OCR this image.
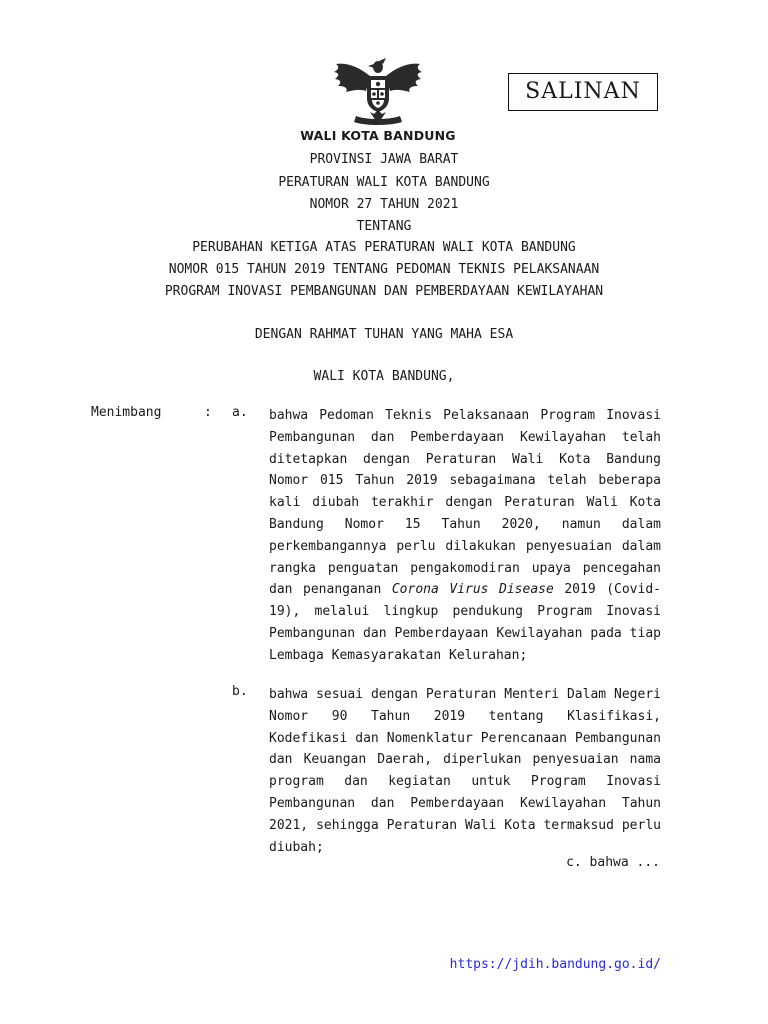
WALI KOTA BANDUNG
SALINAN
PROVINSI JAWA BARAT
PERATURAN WALI KOTA BANDUNG
NOMOR 27 TAHUN 2021
TENTANG
PERUBAHAN KETIGA ATAS PERATURAN WALI KOTA BANDUNG
NOMOR 015 TAHUN 2019 TENTANG PEDOMAN TEKNIS PELAKSANAAN
PROGRAM INOVASI PEMBANGUNAN DAN PEMBERDAYAAN KEWILAYAHAN
DENGAN RAHMAT TUHAN YANG MAHA ESA
WALI KOTA BANDUNG,
Menimbang	: a. bahwa Pedoman Teknis Pelaksanaan Program Inovasi Pembangunan dan Pemberdayaan Kewilayahan telah ditetapkan dengan Peraturan Wali Kota Bandung Nomor 015 Tahun 2019 sebagaimana telah beberapa kali diubah terakhir dengan Peraturan Wali Kota Bandung Nomor 15 Tahun 2020, namun dalam perkembangannya perlu dilakukan penyesuaian dalam rangka penguatan pengakomodiran upaya pencegahan dan penanganan Corona Virus Disease 2019 (Covid-19), melalui lingkup pendukung Program Inovasi Pembangunan dan Pemberdayaan Kewilayahan pada tiap Lembaga Kemasyarakatan Kelurahan;

b. bahwa sesuai dengan Peraturan Menteri Dalam Negeri Nomor 90 Tahun 2019 tentang Klasifikasi, Kodefikasi dan Nomenklatur Perencanaan Pembangunan dan Keuangan Daerah, diperlukan penyesuaian nama program dan kegiatan untuk Program Inovasi Pembangunan dan Pemberdayaan Kewilayahan Tahun 2021, sehingga Peraturan Wali Kota termaksud perlu diubah;

c. bahwa ...
https://jdih.bandung.go.id/
